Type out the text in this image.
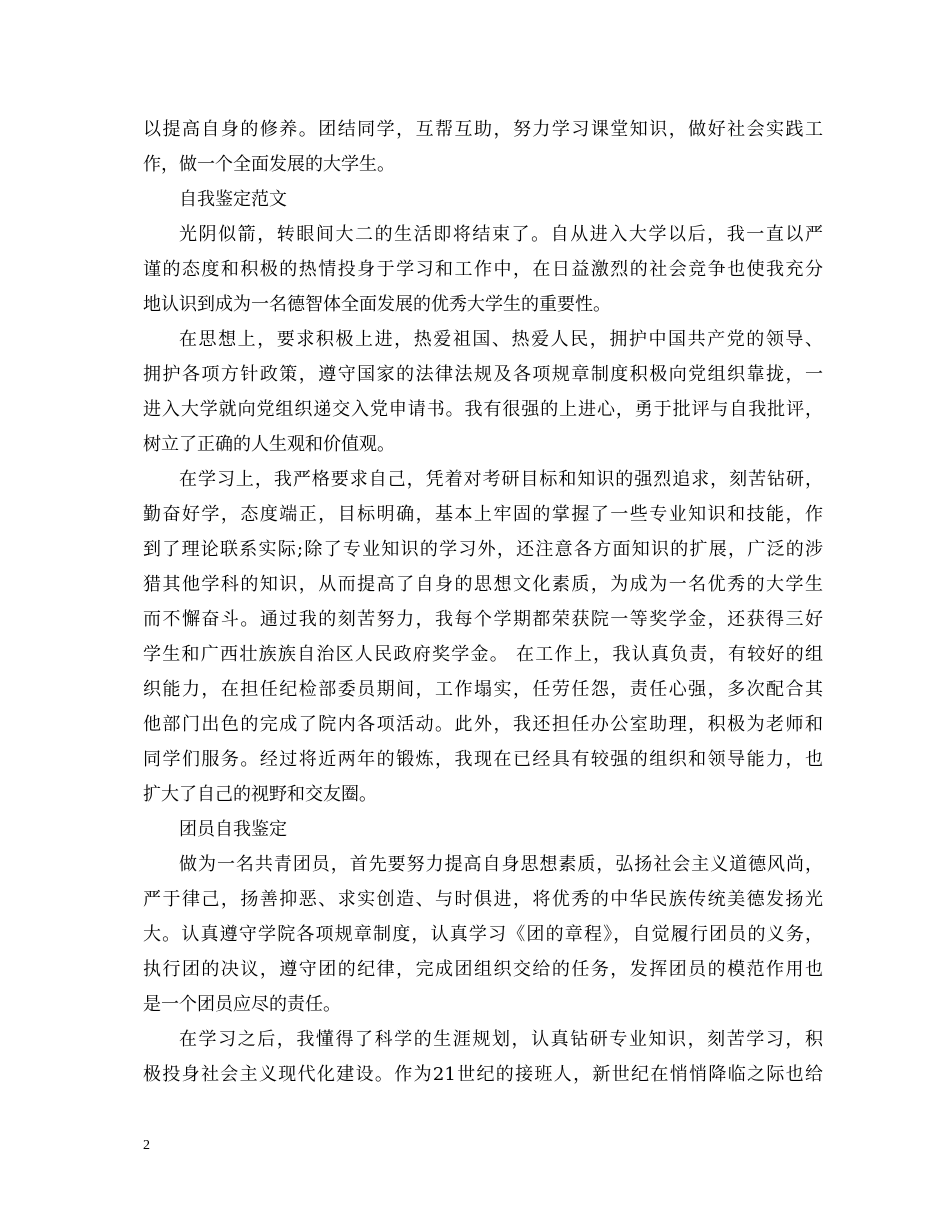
以提高自身的修养。团结同学，互帮互助，努力学习课堂知识，做好社会实践工
作，做一个全面发展的大学生。
自我鉴定范文
光阴似箭，转眼间大二的生活即将结束了。自从进入大学以后，我一直以严
谨的态度和积极的热情投身于学习和工作中，在日益激烈的社会竞争也使我充分
地认识到成为一名德智体全面发展的优秀大学生的重要性。
在思想上，要求积极上进，热爱祖国、热爱人民，拥护中国共产党的领导、
拥护各项方针政策，遵守国家的法律法规及各项规章制度积极向党组织靠拢，一
进入大学就向党组织递交入党申请书。我有很强的上进心，勇于批评与自我批评，
树立了正确的人生观和价值观。
在学习上，我严格要求自己，凭着对考研目标和知识的强烈追求，刻苦钻研，
勤奋好学，态度端正，目标明确，基本上牢固的掌握了一些专业知识和技能，作
到了理论联系实际;除了专业知识的学习外，还注意各方面知识的扩展，广泛的涉
猎其他学科的知识，从而提高了自身的思想文化素质，为成为一名优秀的大学生
而不懈奋斗。通过我的刻苦努力，我每个学期都荣获院一等奖学金，还获得三好
学生和广西壮族族自治区人民政府奖学金。 在工作上，我认真负责，有较好的组
织能力，在担任纪检部委员期间，工作塌实，任劳任怨，责任心强，多次配合其
他部门出色的完成了院内各项活动。此外，我还担任办公室助理，积极为老师和
同学们服务。经过将近两年的锻炼，我现在已经具有较强的组织和领导能力，也
扩大了自己的视野和交友圈。
团员自我鉴定
做为一名共青团员，首先要努力提高自身思想素质，弘扬社会主义道德风尚，
严于律己，扬善抑恶、求实创造、与时俱进，将优秀的中华民族传统美德发扬光
大。认真遵守学院各项规章制度，认真学习《团的章程》，自觉履行团员的义务，
执行团的决议，遵守团的纪律，完成团组织交给的任务，发挥团员的模范作用也
是一个团员应尽的责任。
在学习之后，我懂得了科学的生涯规划，认真钻研专业知识，刻苦学习，积
极投身社会主义现代化建设。作为21世纪的接班人，新世纪在悄悄降临之际也给
2
